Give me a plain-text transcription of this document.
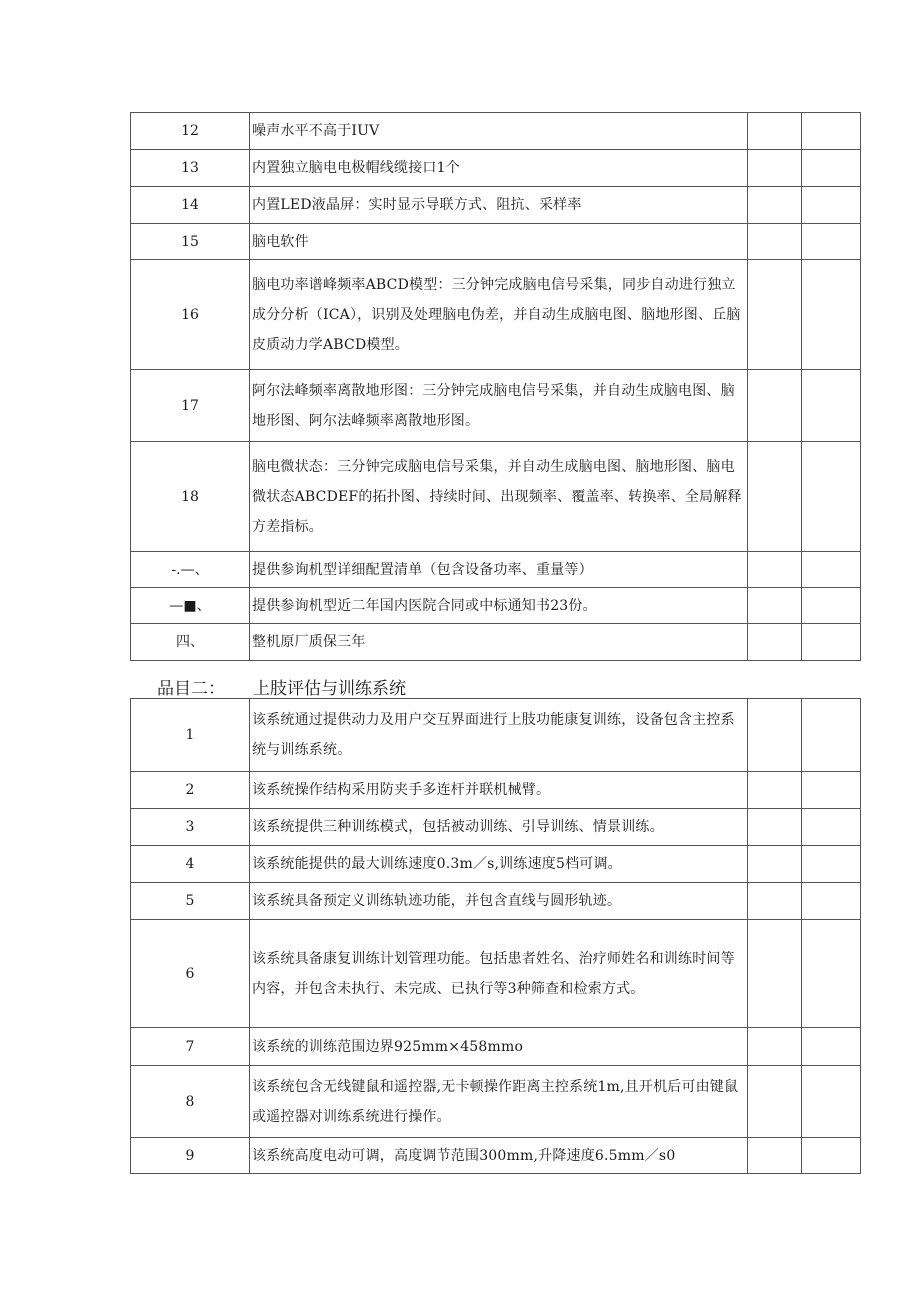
12	噪声水平不高于IUV		
13	内置独立脑电电极帽线缆接口1个		
14	内置LED液晶屏：实时显示导联方式、阻抗、采样率		
15	脑电软件		
16	脑电功率谱峰频率ABCD模型：三分钟完成脑电信号采集，同步自动进行独立成分分析（ICA），识别及处理脑电伪差，并自动生成脑电图、脑地形图、丘脑皮质动力学ABCD模型。		
17	阿尔法峰频率离散地形图：三分钟完成脑电信号采集，并自动生成脑电图、脑地形图、阿尔法峰频率离散地形图。		
18	脑电微状态：三分钟完成脑电信号采集，并自动生成脑电图、脑地形图、脑电微状态ABCDEF的拓扑图、持续时间、出现频率、覆盖率、转换率、全局解释方差指标。		
-.—、	提供参询机型详细配置清单（包含设备功率、重量等）		
—■、	提供参询机型近二年国内医院合同或中标通知书23份。		
四、	整机原厂质保三年		
品目二： 上肢评估与训练系统
1	该系统通过提供动力及用户交互界面进行上肢功能康复训练，设备包含主控系统与训练系统。		
2	该系统操作结构采用防夹手多连杆并联机械臂。		
3	该系统提供三种训练模式，包括被动训练、引导训练、情景训练。		
4	该系统能提供的最大训练速度0.3m／s,训练速度5档可调。		
5	该系统具备预定义训练轨迹功能，并包含直线与圆形轨迹。		
6	该系统具备康复训练计划管理功能。包括患者姓名、治疗师姓名和训练时间等内容，并包含未执行、未完成、已执行等3种筛查和检索方式。		
7	该系统的训练范围边界925mm×458mmo		
8	该系统包含无线键鼠和遥控器,无卡顿操作距离主控系统1m,且开机后可由键鼠或遥控器对训练系统进行操作。		
9	该系统高度电动可调，高度调节范围300mm,升降速度6.5mm／s0		
